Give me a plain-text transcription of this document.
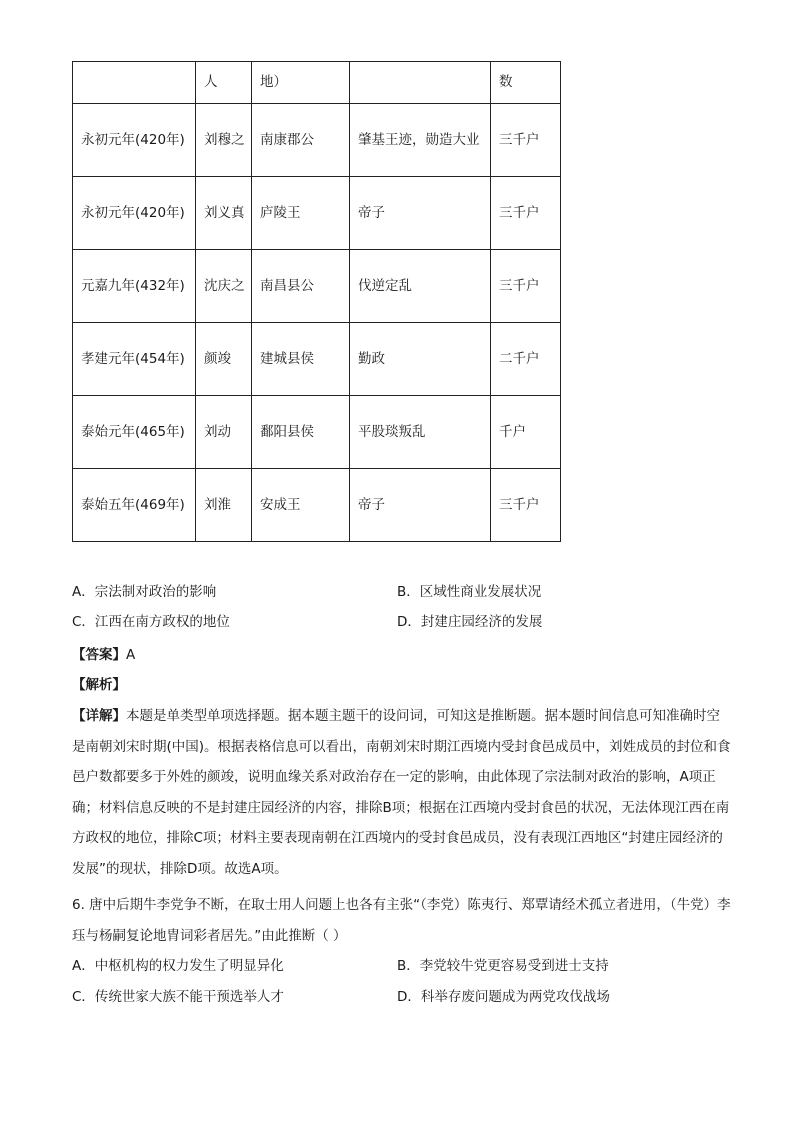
	人	地）		数
永初元年(420年)	刘穆之	南康郡公	肇基王迹，勋造大业	三千户
永初元年(420年)	刘义真	庐陵王	帝子	三千户
元嘉九年(432年)	沈庆之	南昌县公	伐逆定乱	三千户
孝建元年(454年)	颜竣	建城县侯	勤政	二千户
泰始元年(465年)	刘动	鄱阳县侯	平股琰叛乱	千户
泰始五年(469年)	刘淮	安成王	帝子	三千户
A．宗法制对政治的影响	B．区域性商业发展状况
C．江西在南方政权的地位	D．封建庄园经济的发展
【答案】A
【解析】
【详解】本题是单类型单项选择题。据本题主题干的设问词，可知这是推断题。据本题时间信息可知准确时空是南朝刘宋时期(中国)。根据表格信息可以看出，南朝刘宋时期江西境内受封食邑成员中，刘姓成员的封位和食邑户数都要多于外姓的颜竣，说明血缘关系对政治存在一定的影响，由此体现了宗法制对政治的影响，A项正确；材料信息反映的不是封建庄园经济的内容，排除B项；根据在江西境内受封食邑的状况，无法体现江西在南方政权的地位，排除C项；材料主要表现南朝在江西境内的受封食邑成员，没有表现江西地区“封建庄园经济的发展”的现状，排除D项。故选A项。
6. 唐中后期牛李党争不断，在取士用人问题上也各有主张“（李党）陈夷行、郑覃请经术孤立者进用，（牛党）李珏与杨嗣复论地胄词彩者居先。”由此推断（ ）
A．中枢机构的权力发生了明显异化	B．李党较牛党更容易受到进士支持
C．传统世家大族不能干预选举人才	D．科举存废问题成为两党攻伐战场
